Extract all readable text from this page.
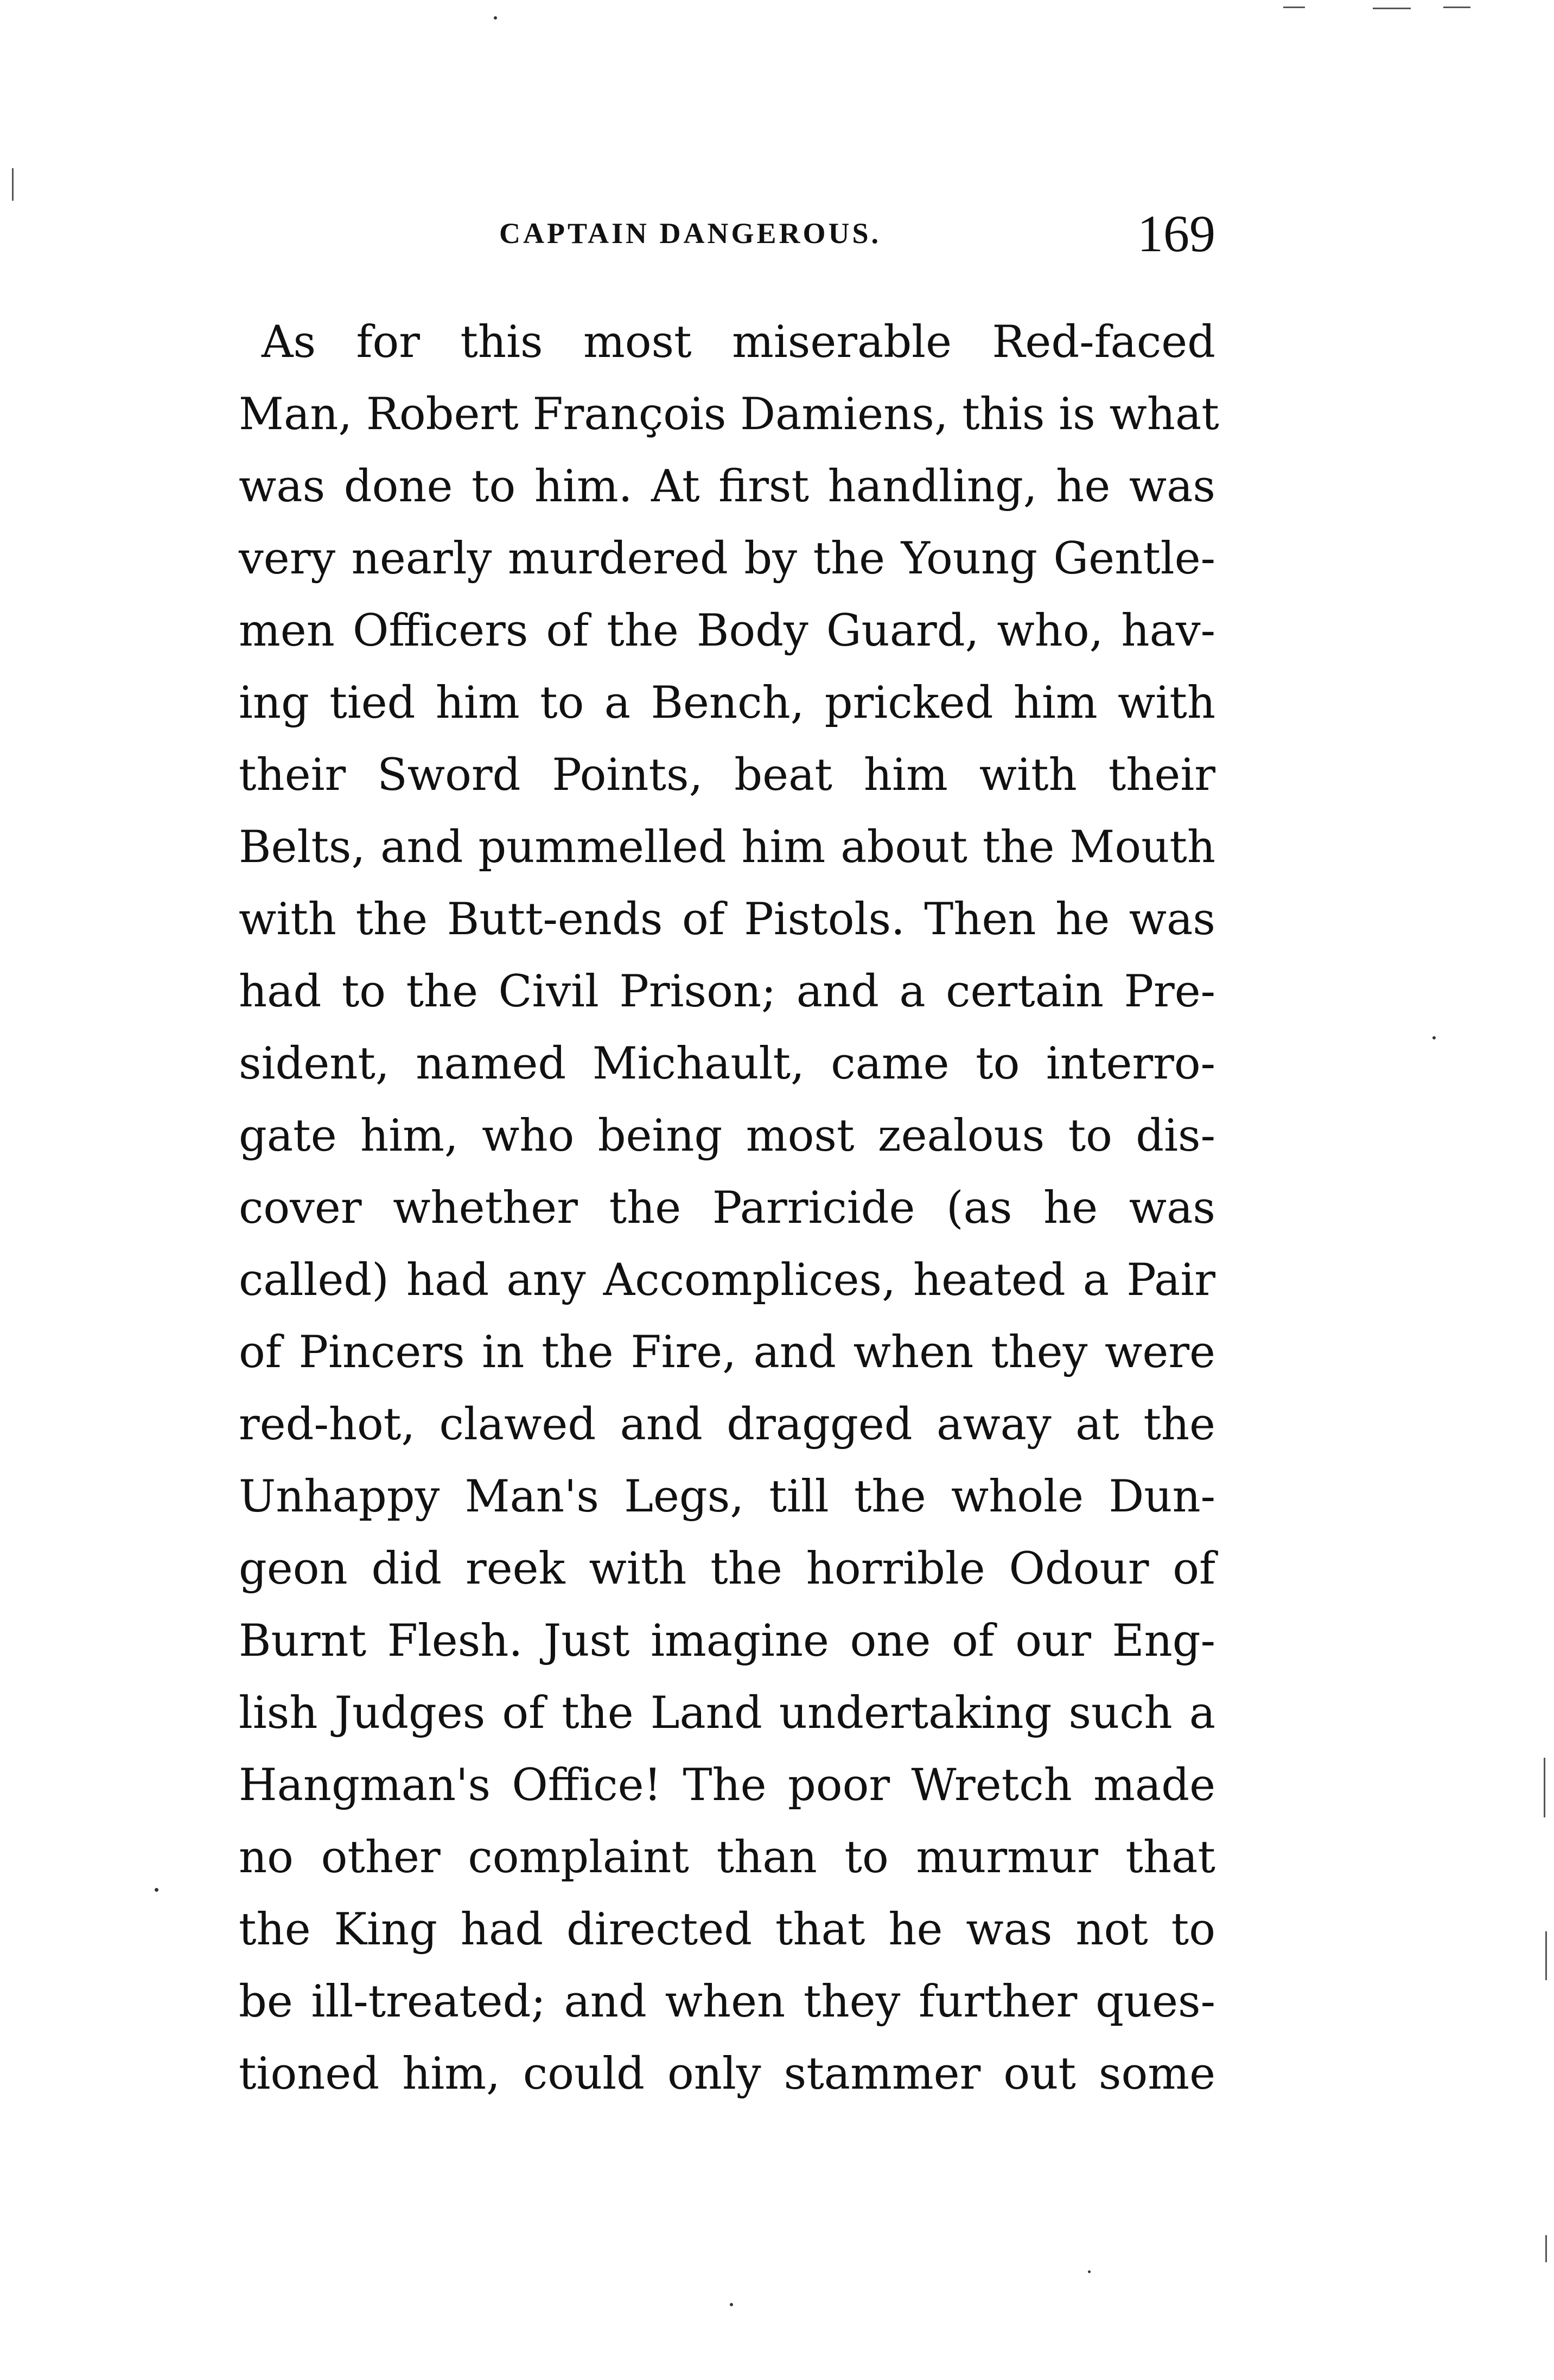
CAPTAIN DANGEROUS.	169
As for this most miserable Red-faced
Man, Robert François Damiens, this is what
was done to him. At first handling, he was
very nearly murdered by the Young Gentle-
men Officers of the Body Guard, who, hav-
ing tied him to a Bench, pricked him with
their Sword Points, beat him with their
Belts, and pummelled him about the Mouth
with the Butt-ends of Pistols. Then he was
had to the Civil Prison; and a certain Pre-
sident, named Michault, came to interro-
gate him, who being most zealous to dis-
cover whether the Parricide (as he was
called) had any Accomplices, heated a Pair
of Pincers in the Fire, and when they were
red-hot, clawed and dragged away at the
Unhappy Man's Legs, till the whole Dun-
geon did reek with the horrible Odour of
Burnt Flesh. Just imagine one of our Eng-
lish Judges of the Land undertaking such a
Hangman's Office! The poor Wretch made
no other complaint than to murmur that
the King had directed that he was not to
be ill-treated; and when they further ques-
tioned him, could only stammer out some
